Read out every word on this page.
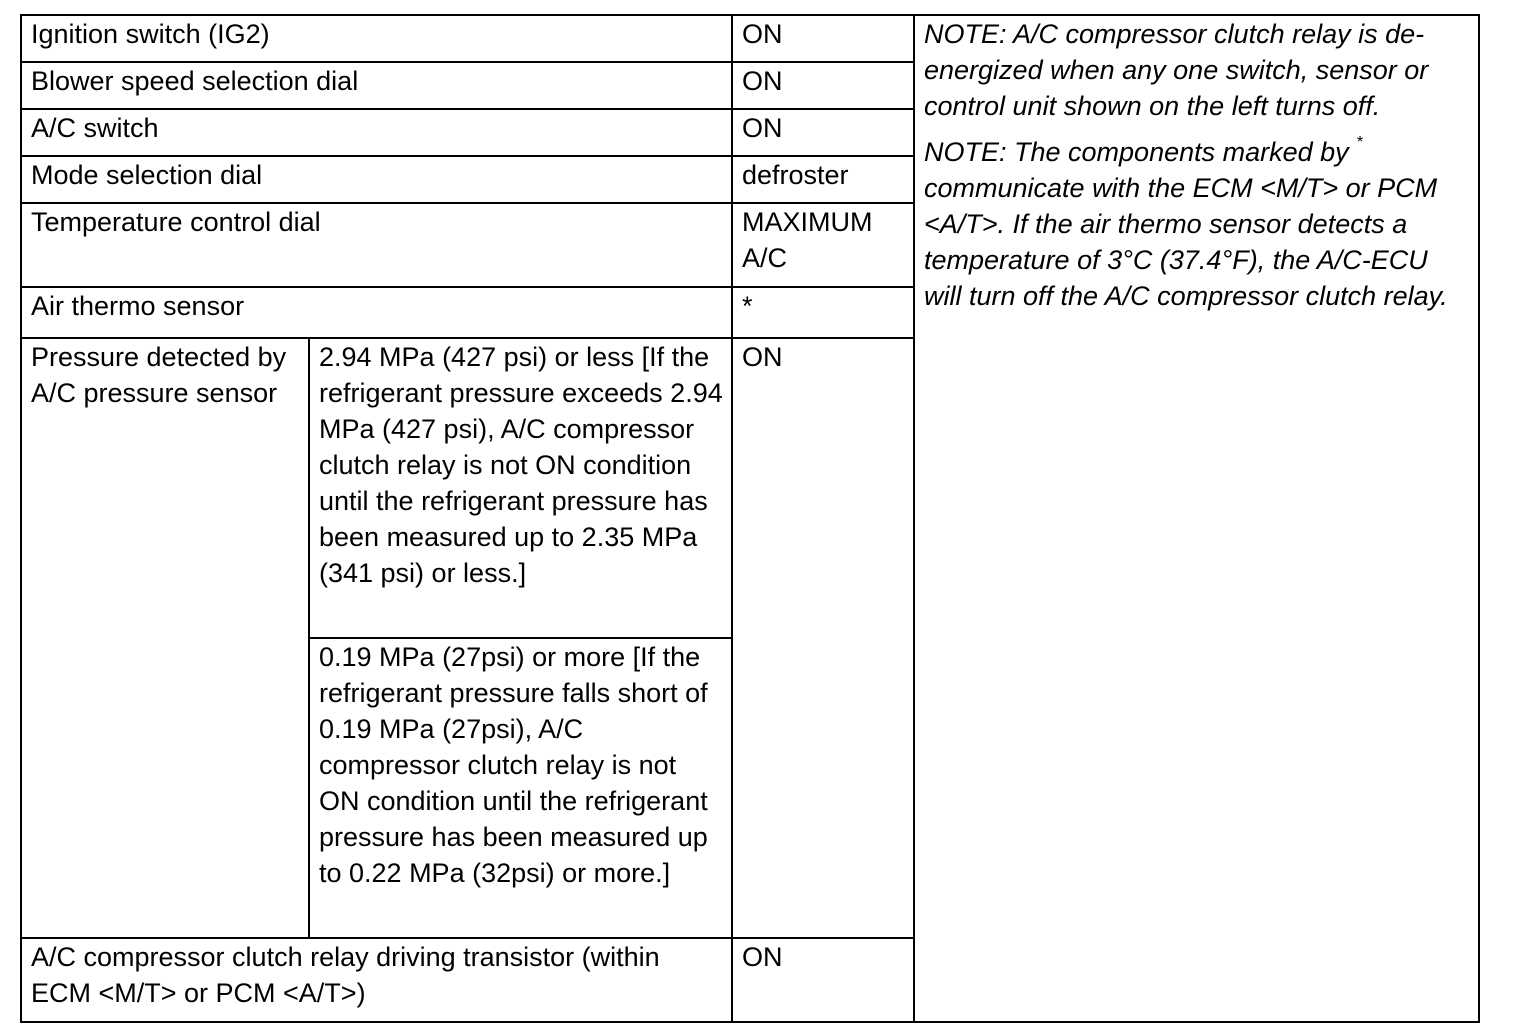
Ignition switch (IG2)		ON	NOTE: A/C compressor clutch relay is de-energized when any one switch, sensor or control unit shown on the left turns off.

NOTE: The components marked by * communicate with the ECM <M/T> or PCM <A/T>. If the air thermo sensor detects a temperature of 3°C (37.4°F), the A/C-ECU will turn off the A/C compressor clutch relay.

Blower speed selection dial		ON	
A/C switch		ON	
Mode selection dial		defroster	
Temperature control dial		MAXIMUM A/C	
Air thermo sensor		*	
Pressure detected by A/C pressure sensor	2.94 MPa (427 psi) or less [If the refrigerant pressure exceeds 2.94 MPa (427 psi), A/C compressor clutch relay is not ON condition until the refrigerant pressure has been measured up to 2.35 MPa (341 psi) or less.]	ON	
	0.19 MPa (27psi) or more [If the refrigerant pressure falls short of 0.19 MPa (27psi), A/C compressor clutch relay is not ON condition until the refrigerant pressure has been measured up to 0.22 MPa (32psi) or more.]		
A/C compressor clutch relay driving transistor (within ECM <M/T> or PCM <A/T>)		ON	
